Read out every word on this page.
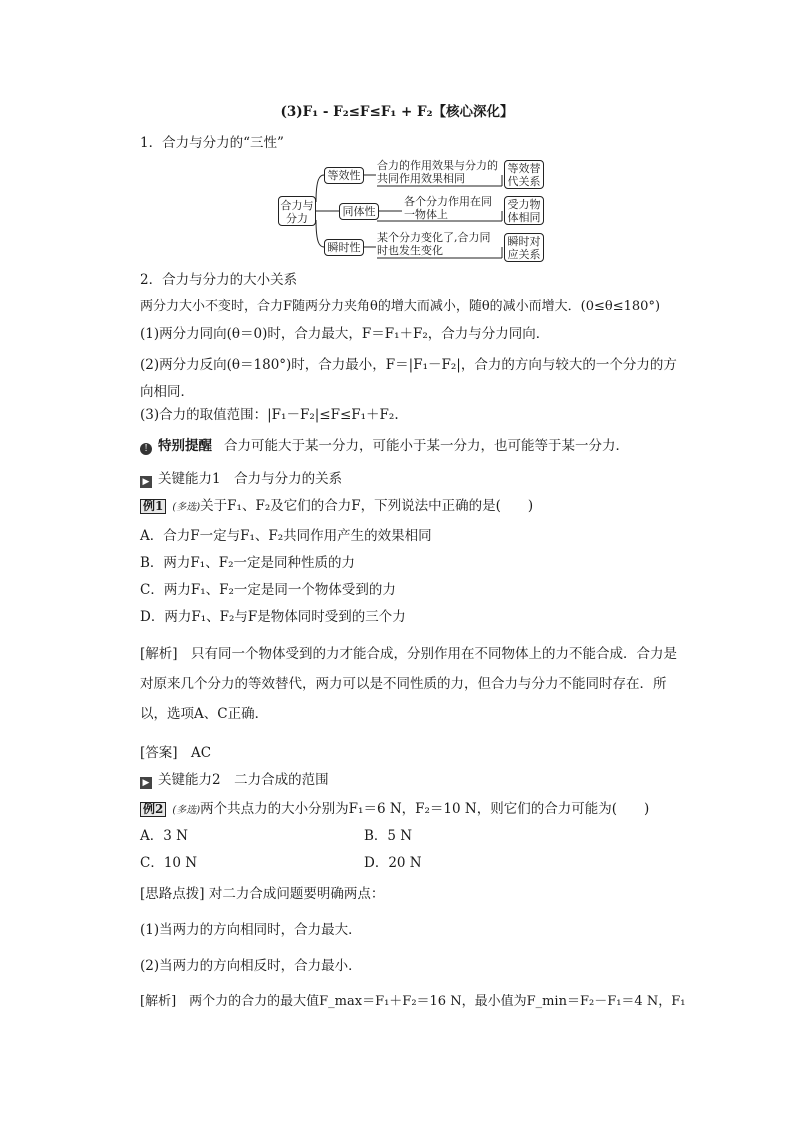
(3)F₁ - F₂≤F≤F₁ + F₂【核心深化】
1．合力与分力的“三性”
合力与分力
等效性
合力的作用效果与分力的共同作用效果相同
等效替代关系
同体性
各个分力作用在同一物体上
受力物体相同
瞬时性
某个分力变化了,合力同时也发生变化
瞬时对应关系
2．合力与分力的大小关系
两分力大小不变时，合力F随两分力夹角θ的增大而减小，随θ的减小而增大．(0≤θ≤180°)
(1)两分力同向(θ＝0)时，合力最大，F＝F₁＋F₂，合力与分力同向．
(2)两分力反向(θ＝180°)时，合力最小，F＝|F₁－F₂|，合力的方向与较大的一个分力的方向相同．
(3)合力的取值范围：|F₁－F₂|≤F≤F₁＋F₂.
! 特别提醒 合力可能大于某一分力，可能小于某一分力，也可能等于某一分力．
▶ 关键能力1　合力与分力的关系
例1 (多选)关于F₁、F₂及它们的合力F，下列说法中正确的是(　　)
A．合力F一定与F₁、F₂共同作用产生的效果相同
B．两力F₁、F₂一定是同种性质的力
C．两力F₁、F₂一定是同一个物体受到的力
D．两力F₁、F₂与F是物体同时受到的三个力
[解析]　只有同一个物体受到的力才能合成，分别作用在不同物体上的力不能合成．合力是对原来几个分力的等效替代，两力可以是不同性质的力，但合力与分力不能同时存在．所以，选项A、C正确．
[答案]　AC
▶ 关键能力2　二力合成的范围
例2 (多选)两个共点力的大小分别为F₁＝6 N，F₂＝10 N，则它们的合力可能为(　　)
A．3 N	B．5 N
C．10 N	D．20 N
[思路点拨] 对二力合成问题要明确两点：
(1)当两力的方向相同时，合力最大．
(2)当两力的方向相反时，合力最小．
[解析]　两个力的合力的最大值F_max＝F₁＋F₂＝16 N，最小值为F_min＝F₂－F₁＝4 N，F₁
